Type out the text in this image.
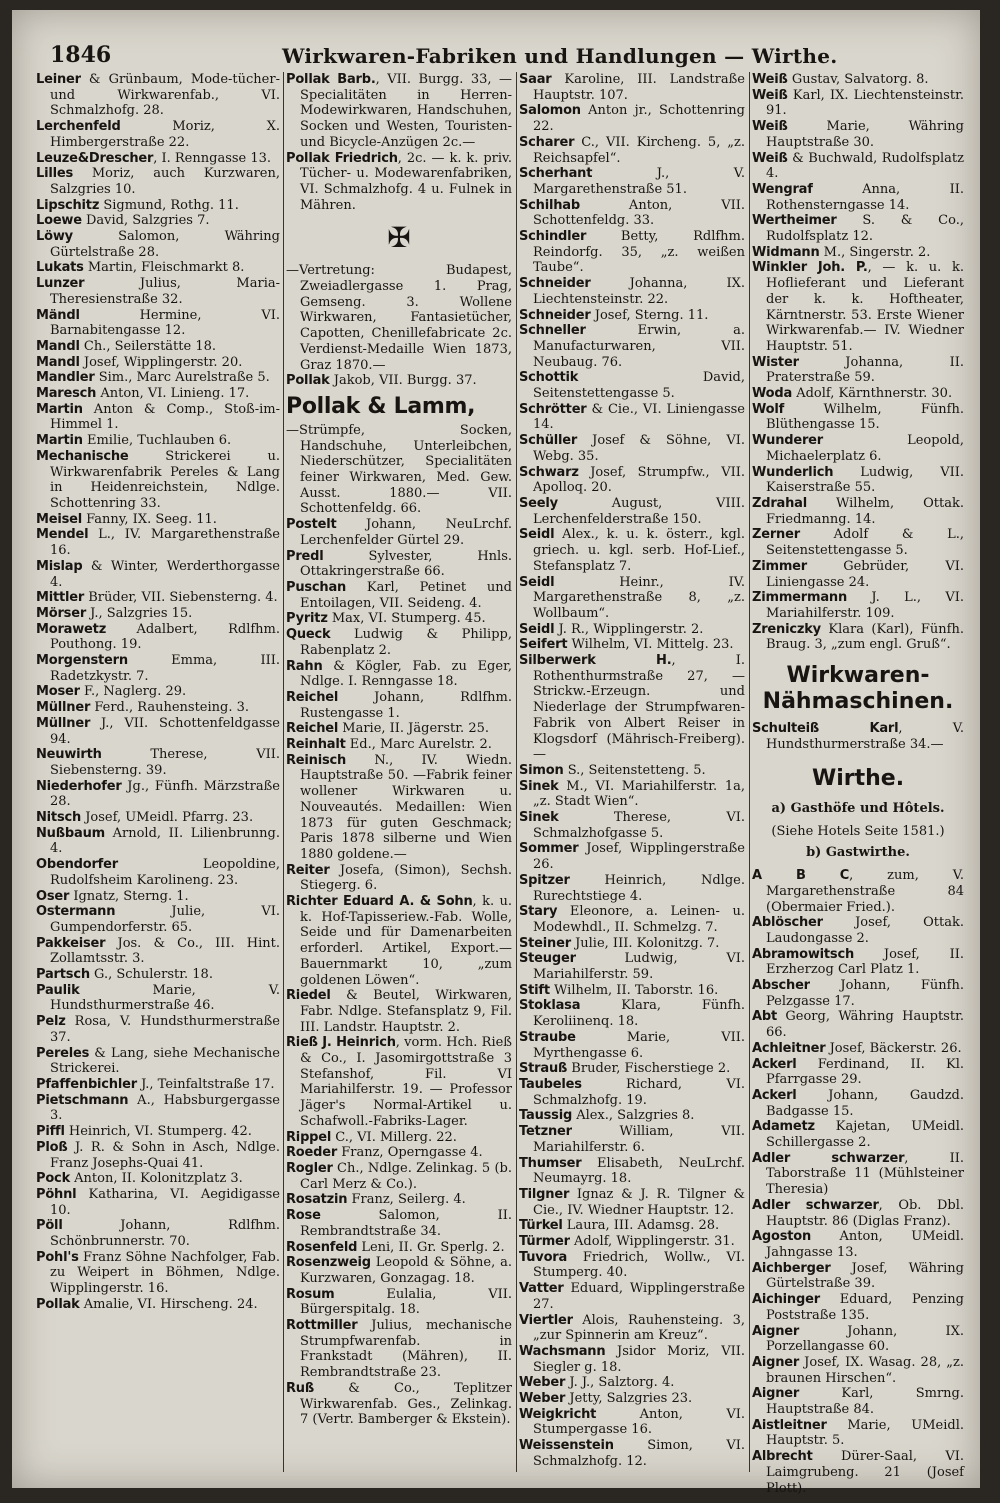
1846	Wirkwaren-Fabriken und Handlungen — Wirthe.

Leiner & Grünbaum, Mode-tücher- und Wirkwarenfab., VI. Schmalzhofg. 28.

Lerchenfeld Moriz, X. Himbergerstraße 22.

Leuze&Drescher, I. Renngasse 13.

Lilles Moriz, auch Kurzwaren, Salzgries 10.

Lipschitz Sigmund, Rothg. 11.

Loewe David, Salzgries 7.

Löwy Salomon, Währing Gürtelstraße 28.

Lukats Martin, Fleischmarkt 8.

Lunzer Julius, Maria-Theresienstraße 32.

Mändl Hermine, VI. Barnabitengasse 12.

Mandl Ch., Seilerstätte 18.

Mandl Josef, Wipplingerstr. 20.

Mandler Sim., Marc Aurelstraße 5.

Maresch Anton, VI. Linieng. 17.

Martin Anton & Comp., Stoß-im-Himmel 1.

Martin Emilie, Tuchlauben 6.

Mechanische Strickerei u. Wirkwarenfabrik Pereles & Lang in Heidenreichstein, Ndlge. Schottenring 33.

Meisel Fanny, IX. Seeg. 11.

Mendel L., IV. Margarethenstraße 16.

Mislap & Winter, Werderthorgasse 4.

Mittler Brüder, VII. Siebensterng. 4.

Mörser J., Salzgries 15.

Morawetz Adalbert, Rdlfhm. Pouthong. 19.

Morgenstern Emma, III. Radetzkystr. 7.

Moser F., Naglerg. 29.

Müllner Ferd., Rauhensteing. 3.

Müllner J., VII. Schottenfeldgasse 94.

Neuwirth Therese, VII. Siebensterng. 39.

Niederhofer Jg., Fünfh. Märzstraße 28.

Nitsch Josef, UMeidl. Pfarrg. 23.

Nußbaum Arnold, II. Lilienbrunng. 4.

Obendorfer Leopoldine, Rudolfsheim Karolineng. 23.

Oser Ignatz, Sterng. 1.

Ostermann Julie, VI. Gumpendorferstr. 65.

Pakkeiser Jos. & Co., III. Hint. Zollamtsstr. 3.

Partsch G., Schulerstr. 18.

Paulik Marie, V. Hundsthurmerstraße 46.

Pelz Rosa, V. Hundsthurmerstraße 37.

Pereles & Lang, siehe Mechanische Strickerei.

Pfaffenbichler J., Teinfaltstraße 17.

Pietschmann A., Habsburgergasse 3.

Piffl Heinrich, VI. Stumperg. 42.

Ploß J. R. & Sohn in Asch, Ndlge. Franz Josephs-Quai 41.

Pock Anton, II. Kolonitzplatz 3.

Pöhnl Katharina, VI. Aegidigasse 10.

Pöll Johann, Rdlfhm. Schönbrunnerstr. 70.

Pohl's Franz Söhne Nachfolger, Fab. zu Weipert in Böhmen, Ndlge. Wipplingerstr. 16.

Pollak Amalie, VI. Hirscheng. 24.

Pollak Barb., VII. Burgg. 33, —Specialitäten in Herren-Modewirkwaren, Handschuhen, Socken und Westen, Touristen- und Bicycle-Anzügen 2c.—

Pollak Friedrich, 2c. — k. k. priv. Tücher- u. Modewarenfabriken, VI. Schmalzhofg. 4 u. Fulnek in Mähren.

✠

—Vertretung: Budapest, Zweiadlergasse 1. Prag, Gemseng. 3. Wollene Wirkwaren, Fantasietücher, Capotten, Chenillefabricate 2c. Verdienst-Medaille Wien 1873, Graz 1870.—

Pollak Jakob, VII. Burgg. 37.

Pollak & Lamm,

—Strümpfe, Socken, Handschuhe, Unterleibchen, Niederschützer, Specialitäten feiner Wirkwaren, Med. Gew. Ausst. 1880.— VII. Schottenfeldg. 66.

Postelt Johann, NeuLrchf. Lerchenfelder Gürtel 29.

Predl Sylvester, Hnls. Ottakringerstraße 66.

Puschan Karl, Petinet und Entoilagen, VII. Seideng. 4.

Pyritz Max, VI. Stumperg. 45.

Queck Ludwig & Philipp, Rabenplatz 2.

Rahn & Kögler, Fab. zu Eger, Ndlge. I. Renngasse 18.

Reichel Johann, Rdlfhm. Rustengasse 1.

Reichel Marie, II. Jägerstr. 25.

Reinhalt Ed., Marc Aurelstr. 2.

Reinisch N., IV. Wiedn. Hauptstraße 50. —Fabrik feiner wollener Wirkwaren u. Nouveautés. Medaillen: Wien 1873 für guten Geschmack; Paris 1878 silberne und Wien 1880 goldene.—

Reiter Josefa, (Simon), Sechsh. Stiegerg. 6.

Richter Eduard A. & Sohn, k. u. k. Hof-Tapisseriew.-Fab. Wolle, Seide und für Damenarbeiten erforderl. Artikel, Export.— Bauernmarkt 10, „zum goldenen Löwen“.

Riedel & Beutel, Wirkwaren, Fabr. Ndlge. Stefansplatz 9, Fil. III. Landstr. Hauptstr. 2.

Rieß J. Heinrich, vorm. Hch. Rieß & Co., I. Jasomirgottstraße 3 Stefanshof, Fil. VI Mariahilferstr. 19. — Professor Jäger's Normal-Artikel u. Schafwoll.-Fabriks-Lager.

Rippel C., VI. Millerg. 22.

Roeder Franz, Operngasse 4.

Rogler Ch., Ndlge. Zelinkag. 5 (b. Carl Merz & Co.).

Rosatzin Franz, Seilerg. 4.

Rose Salomon, II. Rembrandtstraße 34.

Rosenfeld Leni, II. Gr. Sperlg. 2.

Rosenzweig Leopold & Söhne, a. Kurzwaren, Gonzagag. 18.

Rosum Eulalia, VII. Bürgerspitalg. 18.

Rottmiller Julius, mechanische Strumpfwarenfab. in Frankstadt (Mähren), II. Rembrandtstraße 23.

Ruß & Co., Teplitzer Wirkwarenfab. Ges., Zelinkag. 7 (Vertr. Bamberger & Ekstein).

Saar Karoline, III. Landstraße Hauptstr. 107.

Salomon Anton jr., Schottenring 22.

Scharer C., VII. Kircheng. 5, „z. Reichsapfel“.

Scherhant J., V. Margarethenstraße 51.

Schilhab Anton, VII. Schottenfeldg. 33.

Schindler Betty, Rdlfhm. Reindorfg. 35, „z. weißen Taube“.

Schneider Johanna, IX. Liechtensteinstr. 22.

Schneider Josef, Sterng. 11.

Schneller Erwin, a. Manufacturwaren, VII. Neubaug. 76.

Schottik David, Seitenstettengasse 5.

Schrötter & Cie., VI. Liniengasse 14.

Schüller Josef & Söhne, VI. Webg. 35.

Schwarz Josef, Strumpfw., VII. Apolloq. 20.

Seely August, VIII. Lerchenfelderstraße 150.

Seidl Alex., k. u. k. österr., kgl. griech. u. kgl. serb. Hof-Lief., Stefansplatz 7.

Seidl Heinr., IV. Margarethenstraße 8, „z. Wollbaum“.

Seidl J. R., Wipplingerstr. 2.

Seifert Wilhelm, VI. Mittelg. 23.

Silberwerk H., I. Rothenthurmstraße 27, —Strickw.-Erzeugn. und Niederlage der Strumpfwaren-Fabrik von Albert Reiser in Klogsdorf (Mährisch-Freiberg).—

Simon S., Seitenstetteng. 5.

Sinek M., VI. Mariahilferstr. 1a, „z. Stadt Wien“.

Sinek Therese, VI. Schmalzhofgasse 5.

Sommer Josef, Wipplingerstraße 26.

Spitzer Heinrich, Ndlge. Rurechtstiege 4.

Stary Eleonore, a. Leinen- u. Modewhdl., II. Schmelzg. 7.

Steiner Julie, III. Kolonitzg. 7.

Steuger Ludwig, VI. Mariahilferstr. 59.

Stift Wilhelm, II. Taborstr. 16.

Stoklasa Klara, Fünfh. Keroliinenq. 18.

Straube Marie, VII. Myrthengasse 6.

Strauß Bruder, Fischerstiege 2.

Taubeles Richard, VI. Schmalzhofg. 19.

Taussig Alex., Salzgries 8.

Tetzner William, VII. Mariahilferstr. 6.

Thumser Elisabeth, NeuLrchf. Neumayrg. 18.

Tilgner Ignaz & J. R. Tilgner & Cie., IV. Wiedner Hauptstr. 12.

Türkel Laura, III. Adamsg. 28.

Türmer Adolf, Wipplingerstr. 31.

Tuvora Friedrich, Wollw., VI. Stumperg. 40.

Vatter Eduard, Wipplingerstraße 27.

Viertler Alois, Rauhensteing. 3, „zur Spinnerin am Kreuz“.

Wachsmann Jsidor Moriz, VII. Siegler g. 18.

Weber J. J., Salztorg. 4.

Weber Jetty, Salzgries 23.

Weigkricht Anton, VI. Stumpergasse 16.

Weissenstein Simon, VI. Schmalzhofg. 12.

Weiß Gustav, Salvatorg. 8.

Weiß Karl, IX. Liechtensteinstr. 91.

Weiß Marie, Währing Hauptstraße 30.

Weiß & Buchwald, Rudolfsplatz 4.

Wengraf Anna, II. Rothensterngasse 14.

Wertheimer S. & Co., Rudolfsplatz 12.

Widmann M., Singerstr. 2.

Winkler Joh. P., — k. u. k. Hoflieferant und Lieferant der k. k. Hoftheater, Kärntnerstr. 53. Erste Wiener Wirkwarenfab.— IV. Wiedner Hauptstr. 51.

Wister Johanna, II. Praterstraße 59.

Woda Adolf, Kärnthnerstr. 30.

Wolf Wilhelm, Fünfh. Blüthengasse 15.

Wunderer Leopold, Michaelerplatz 6.

Wunderlich Ludwig, VII. Kaiserstraße 55.

Zdrahal Wilhelm, Ottak. Friedmanng. 14.

Zerner Adolf & L., Seitenstettengasse 5.

Zimmer Gebrüder, VI. Liniengasse 24.

Zimmermann J. L., VI. Mariahilferstr. 109.

Zreniczky Klara (Karl), Fünfh. Braug. 3, „zum engl. Gruß“.

Wirkwaren-Nähmaschinen.

Schulteiß Karl, V. Hundsthurmerstraße 34.—

Wirthe.
a) Gasthöfe und Hôtels.

(Siehe Hotels Seite 1581.)

b) Gastwirthe.

A B C, zum, V. Margarethenstraße 84 (Obermaier Fried.).

Ablöscher Josef, Ottak. Laudongasse 2.

Abramowitsch Josef, II. Erzherzog Carl Platz 1.

Abscher Johann, Fünfh. Pelzgasse 17.

Abt Georg, Währing Hauptstr. 66.

Achleitner Josef, Bäckerstr. 26.

Ackerl Ferdinand, II. Kl. Pfarrgasse 29.

Ackerl Johann, Gaudzd. Badgasse 15.

Adametz Kajetan, UMeidl. Schillergasse 2.

Adler schwarzer, II. Taborstraße 11 (Mühlsteiner Theresia)

Adler schwarzer, Ob. Dbl. Hauptstr. 86 (Diglas Franz).

Agoston Anton, UMeidl. Jahngasse 13.

Aichberger Josef, Währing Gürtelstraße 39.

Aichinger Eduard, Penzing Poststraße 135.

Aigner Johann, IX. Porzellangasse 60.

Aigner Josef, IX. Wasag. 28, „z. braunen Hirschen“.

Aigner Karl, Smrng. Hauptstraße 84.

Aistleitner Marie, UMeidl. Hauptstr. 5.

Albrecht Dürer-Saal, VI. Laimgrubeng. 21 (Josef Plott).
